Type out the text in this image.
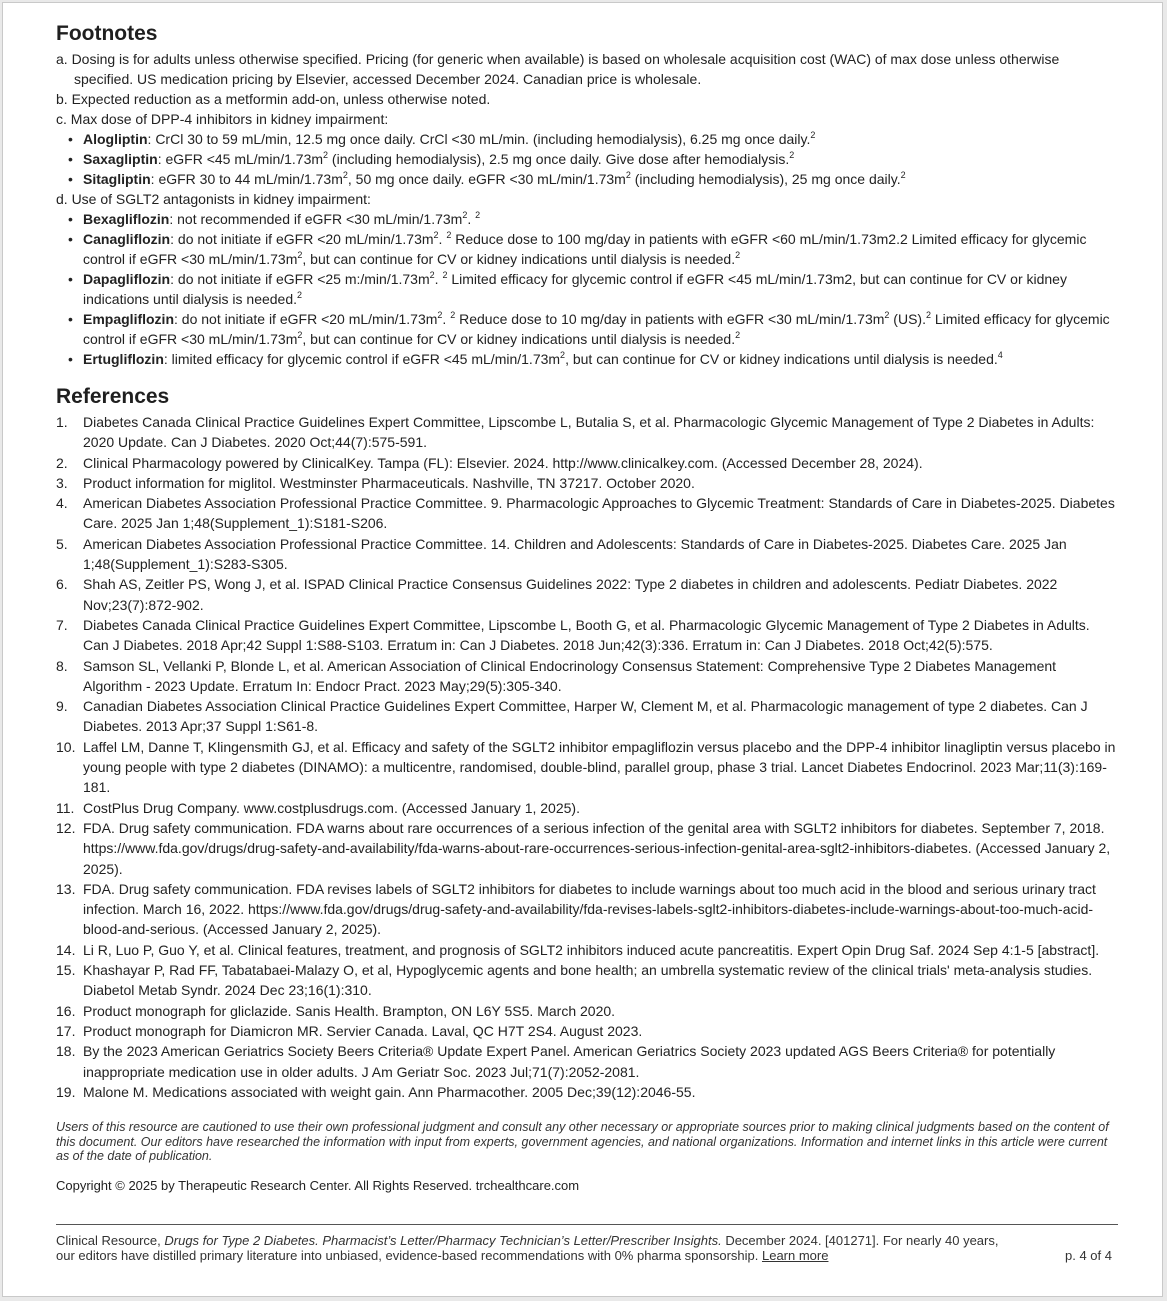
Footnotes
a. Dosing is for adults unless otherwise specified. Pricing (for generic when available) is based on wholesale acquisition cost (WAC) of max dose unless otherwise specified. US medication pricing by Elsevier, accessed December 2024. Canadian price is wholesale.
b. Expected reduction as a metformin add-on, unless otherwise noted.
c. Max dose of DPP-4 inhibitors in kidney impairment:
• Alogliptin: CrCl 30 to 59 mL/min, 12.5 mg once daily. CrCl <30 mL/min. (including hemodialysis), 6.25 mg once daily.$^2$
• Saxagliptin: eGFR <45 $mL/\min/1.73m^2$ (including hemodialysis), 2.5 mg once daily. Give dose after hemodialysis.$^2$
• Sitagliptin: eGFR 30 to 44 $mL/\min/1.73m^2$, 50 mg once daily. eGFR <30 $mL/\min/1.73m^2$ (including hemodialysis), 25 mg once daily.$^2$
d. Use of SGLT2 antagonists in kidney impairment:
• Bexagliflozin: not recommended if eGFR <30 $mL/\min/1.73m^2$. $^2$
• Canagliflozin: do not initiate if eGFR <20 $mL/\min/1.73m^2$. $^2$ Reduce dose to 100 mg/day in patients with eGFR <60 mL/min/1.73m2.2 Limited efficacy for glycemic control if eGFR <30 $mL/\min/1.73m^2$, but can continue for CV or kidney indications until dialysis is needed.$^2$
• Dapagliflozin: do not initiate if eGFR <25 $m:/\min/1.73m^2$. $^2$ Limited efficacy for glycemic control if eGFR <45 mL/min/1.73m2, but can continue for CV or kidney indications until dialysis is needed.$^2$
• Empagliflozin: do not initiate if eGFR <20 $mL/\min/1.73m^2$. $^2$ Reduce dose to 10 mg/day in patients with eGFR <30 $mL/\min/1.73m^2$ (US).$^2$ Limited efficacy for glycemic control if eGFR <30 $mL/\min/1.73m^2$, but can continue for CV or kidney indications until dialysis is needed.$^2$
• Ertugliflozin: limited efficacy for glycemic control if eGFR <45 $mL/\min/1.73m^2$, but can continue for CV or kidney indications until dialysis is needed.$^4$
References
1. Diabetes Canada Clinical Practice Guidelines Expert Committee, Lipscombe L, Butalia S, et al. Pharmacologic Glycemic Management of Type 2 Diabetes in Adults: 2020 Update. Can J Diabetes. 2020 Oct;44(7):575-591.
2. Clinical Pharmacology powered by ClinicalKey. Tampa (FL): Elsevier. 2024. http://www.clinicalkey.com. (Accessed December 28, 2024).
3. Product information for miglitol. Westminster Pharmaceuticals. Nashville, TN 37217. October 2020.
4. American Diabetes Association Professional Practice Committee. 9. Pharmacologic Approaches to Glycemic Treatment: Standards of Care in Diabetes-2025. Diabetes Care. 2025 Jan 1;48(Supplement_1):S181-S206.
5. American Diabetes Association Professional Practice Committee. 14. Children and Adolescents: Standards of Care in Diabetes-2025. Diabetes Care. 2025 Jan 1;48(Supplement_1):S283-S305.
6. Shah AS, Zeitler PS, Wong J, et al. ISPAD Clinical Practice Consensus Guidelines 2022: Type 2 diabetes in children and adolescents. Pediatr Diabetes. 2022 Nov;23(7):872-902.
7. Diabetes Canada Clinical Practice Guidelines Expert Committee, Lipscombe L, Booth G, et al. Pharmacologic Glycemic Management of Type 2 Diabetes in Adults. Can J Diabetes. 2018 Apr;42 Suppl 1:S88-S103. Erratum in: Can J Diabetes. 2018 Jun;42(3):336. Erratum in: Can J Diabetes. 2018 Oct;42(5):575.
8. Samson SL, Vellanki P, Blonde L, et al. American Association of Clinical Endocrinology Consensus Statement: Comprehensive Type 2 Diabetes Management Algorithm - 2023 Update. Erratum In: Endocr Pract. 2023 May;29(5):305-340.
9. Canadian Diabetes Association Clinical Practice Guidelines Expert Committee, Harper W, Clement M, et al. Pharmacologic management of type 2 diabetes. Can J Diabetes. 2013 Apr;37 Suppl 1:S61-8.
10. Laffel LM, Danne T, Klingensmith GJ, et al. Efficacy and safety of the SGLT2 inhibitor empagliflozin versus placebo and the DPP-4 inhibitor linagliptin versus placebo in young people with type 2 diabetes (DINAMO): a multicentre, randomised, double-blind, parallel group, phase 3 trial. Lancet Diabetes Endocrinol. 2023 Mar;11(3):169-181.
11. CostPlus Drug Company. www.costplusdrugs.com. (Accessed January 1, 2025).
12. FDA. Drug safety communication. FDA warns about rare occurrences of a serious infection of the genital area with SGLT2 inhibitors for diabetes. September 7, 2018. https://www.fda.gov/drugs/drug-safety-and-availability/fda-warns-about-rare-occurrences-serious-infection-genital-area-sglt2-inhibitors-diabetes. (Accessed January 2, 2025).
13. FDA. Drug safety communication. FDA revises labels of SGLT2 inhibitors for diabetes to include warnings about too much acid in the blood and serious urinary tract infection. March 16, 2022. https://www.fda.gov/drugs/drug-safety-and-availability/fda-revises-labels-sglt2-inhibitors-diabetes-include-warnings-about-too-much-acid-blood-and-serious. (Accessed January 2, 2025).
14. Li R, Luo P, Guo Y, et al. Clinical features, treatment, and prognosis of SGLT2 inhibitors induced acute pancreatitis. Expert Opin Drug Saf. 2024 Sep 4:1-5 [abstract].
15. Khashayar P, Rad FF, Tabatabaei-Malazy O, et al, Hypoglycemic agents and bone health; an umbrella systematic review of the clinical trials' meta-analysis studies. Diabetol Metab Syndr. 2024 Dec 23;16(1):310.
16. Product monograph for gliclazide. Sanis Health. Brampton, ON L6Y 5S5. March 2020.
17. Product monograph for Diamicron MR. Servier Canada. Laval, QC H7T 2S4. August 2023.
18. By the 2023 American Geriatrics Society Beers Criteria® Update Expert Panel. American Geriatrics Society 2023 updated AGS Beers Criteria® for potentially inappropriate medication use in older adults. J Am Geriatr Soc. 2023 Jul;71(7):2052-2081.
19. Malone M. Medications associated with weight gain. Ann Pharmacother. 2005 Dec;39(12):2046-55.
Users of this resource are cautioned to use their own professional judgment and consult any other necessary or appropriate sources prior to making clinical judgments based on the content of this document. Our editors have researched the information with input from experts, government agencies, and national organizations. Information and internet links in this article were current as of the date of publication.
Copyright © 2025 by Therapeutic Research Center. All Rights Reserved. trchealthcare.com
Clinical Resource, Drugs for Type 2 Diabetes. Pharmacist’s Letter/Pharmacy Technician’s Letter/Prescriber Insights. December 2024. [401271]. For nearly 40 years, our editors have distilled primary literature into unbiased, evidence-based recommendations with 0% pharma sponsorship. Learn more	p. 4 of 4
